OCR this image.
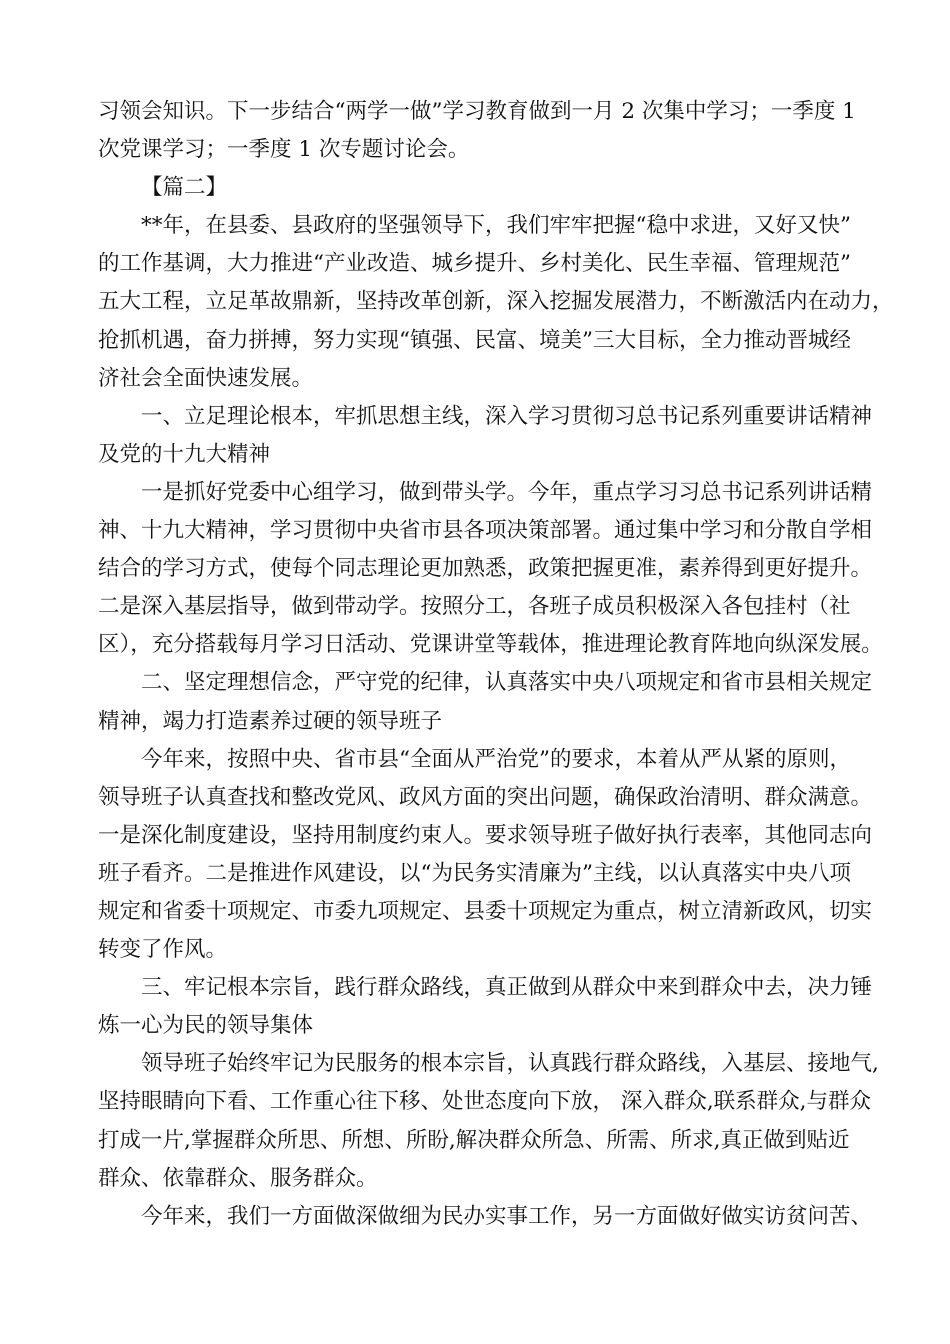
习领会知识。下一步结合“两学一做”学习教育做到一月 2 次集中学习；一季度 1
次党课学习；一季度 1 次专题讨论会。
【篇二】
**年，在县委、县政府的坚强领导下，我们牢牢把握“稳中求进，又好又快”
的工作基调，大力推进“产业改造、城乡提升、乡村美化、民生幸福、管理规范”
五大工程，立足革故鼎新，坚持改革创新，深入挖掘发展潜力，不断激活内在动力，
抢抓机遇，奋力拼搏，努力实现“镇强、民富、境美”三大目标，全力推动晋城经
济社会全面快速发展。
一、立足理论根本，牢抓思想主线，深入学习贯彻习总书记系列重要讲话精神
及党的十九大精神
一是抓好党委中心组学习，做到带头学。今年，重点学习习总书记系列讲话精
神、十九大精神，学习贯彻中央省市县各项决策部署。通过集中学习和分散自学相
结合的学习方式，使每个同志理论更加熟悉，政策把握更准，素养得到更好提升。
二是深入基层指导，做到带动学。按照分工，各班子成员积极深入各包挂村（社
区），充分搭载每月学习日活动、党课讲堂等载体，推进理论教育阵地向纵深发展。
二、坚定理想信念，严守党的纪律，认真落实中央八项规定和省市县相关规定
精神，竭力打造素养过硬的领导班子
今年来，按照中央、省市县“全面从严治党”的要求，本着从严从紧的原则，
领导班子认真查找和整改党风、政风方面的突出问题，确保政治清明、群众满意。
一是深化制度建设，坚持用制度约束人。要求领导班子做好执行表率，其他同志向
班子看齐。二是推进作风建设，以“为民务实清廉为”主线，以认真落实中央八项
规定和省委十项规定、市委九项规定、县委十项规定为重点，树立清新政风，切实
转变了作风。
三、牢记根本宗旨，践行群众路线，真正做到从群众中来到群众中去，决力锤
炼一心为民的领导集体
领导班子始终牢记为民服务的根本宗旨，认真践行群众路线，入基层、接地气,
坚持眼睛向下看、工作重心往下移、处世态度向下放， 深入群众,联系群众,与群众
打成一片,掌握群众所思、所想、所盼,解决群众所急、所需、所求,真正做到贴近
群众、依靠群众、服务群众。
今年来，我们一方面做深做细为民办实事工作，另一方面做好做实访贫问苦、
